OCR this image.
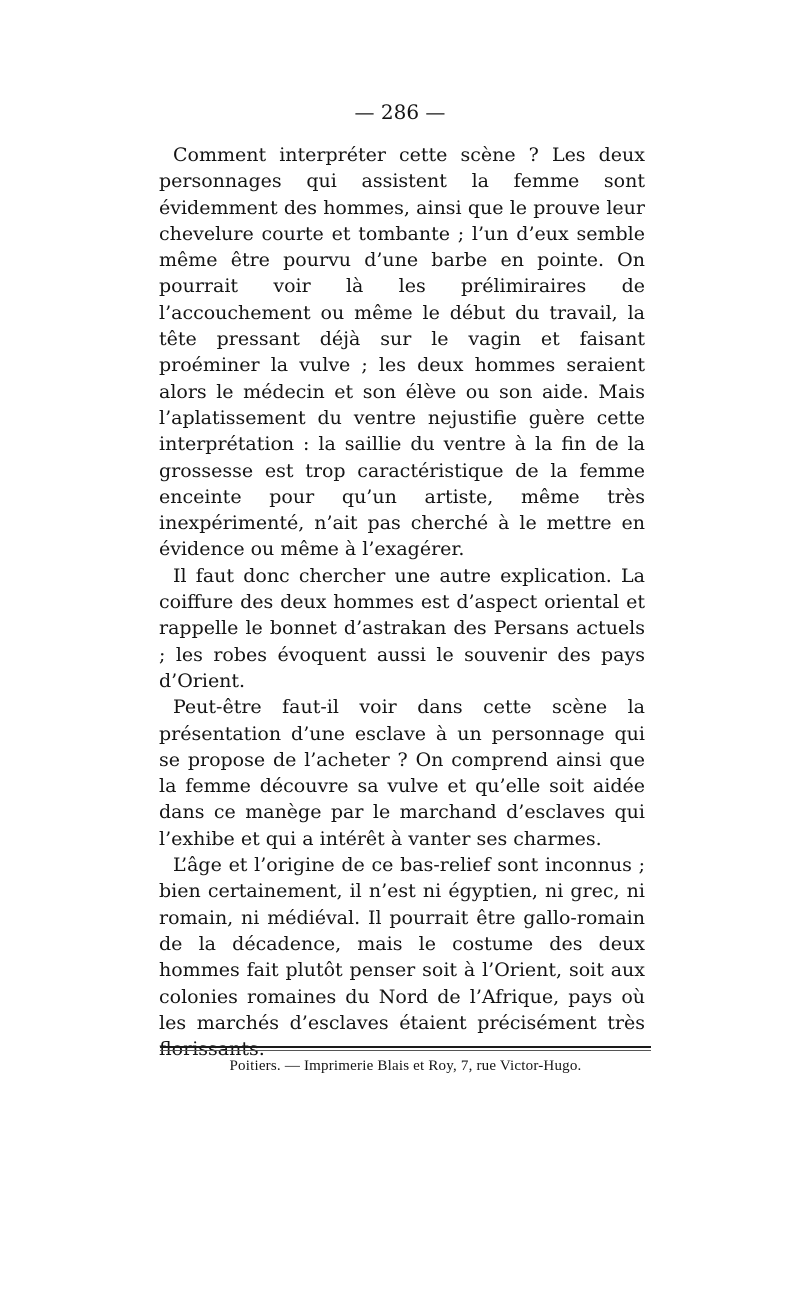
— 286 —

Comment interpréter cette scène ? Les deux personnages qui assistent la femme sont évidemment des hommes, ainsi que le prouve leur chevelure courte et tombante ; l’un d’eux semble même être pourvu d’une barbe en pointe. On pourrait voir là les prélimiraires de l’accouchement ou même le début du travail, la tête pressant déjà sur le vagin et faisant proéminer la vulve ; les deux hommes seraient alors le médecin et son élève ou son aide. Mais l’aplatissement du ventre nejustifie guère cette interprétation : la saillie du ventre à la fin de la grossesse est trop caractéristique de la femme enceinte pour qu’un artiste, même très inexpérimenté, n’ait pas cherché à le mettre en évidence ou même à l’exagérer.

Il faut donc chercher une autre explication. La coiffure des deux hommes est d’aspect oriental et rappelle le bonnet d’astrakan des Persans actuels ; les robes évoquent aussi le souvenir des pays d’Orient.

Peut-être faut-il voir dans cette scène la présentation d’une esclave à un personnage qui se propose de l’acheter ? On comprend ainsi que la femme découvre sa vulve et qu’elle soit aidée dans ce manège par le marchand d’esclaves qui l’exhibe et qui a intérêt à vanter ses charmes.

L’âge et l’origine de ce bas-relief sont inconnus ; bien certainement, il n’est ni égyptien, ni grec, ni romain, ni médiéval. Il pourrait être gallo-romain de la décadence, mais le costume des deux hommes fait plutôt penser soit à l’Orient, soit aux colonies romaines du Nord de l’Afrique, pays où les marchés d’esclaves étaient précisément très

Poitiers. — Imprimerie Blais et Roy, 7, rue Victor-Hugo.
